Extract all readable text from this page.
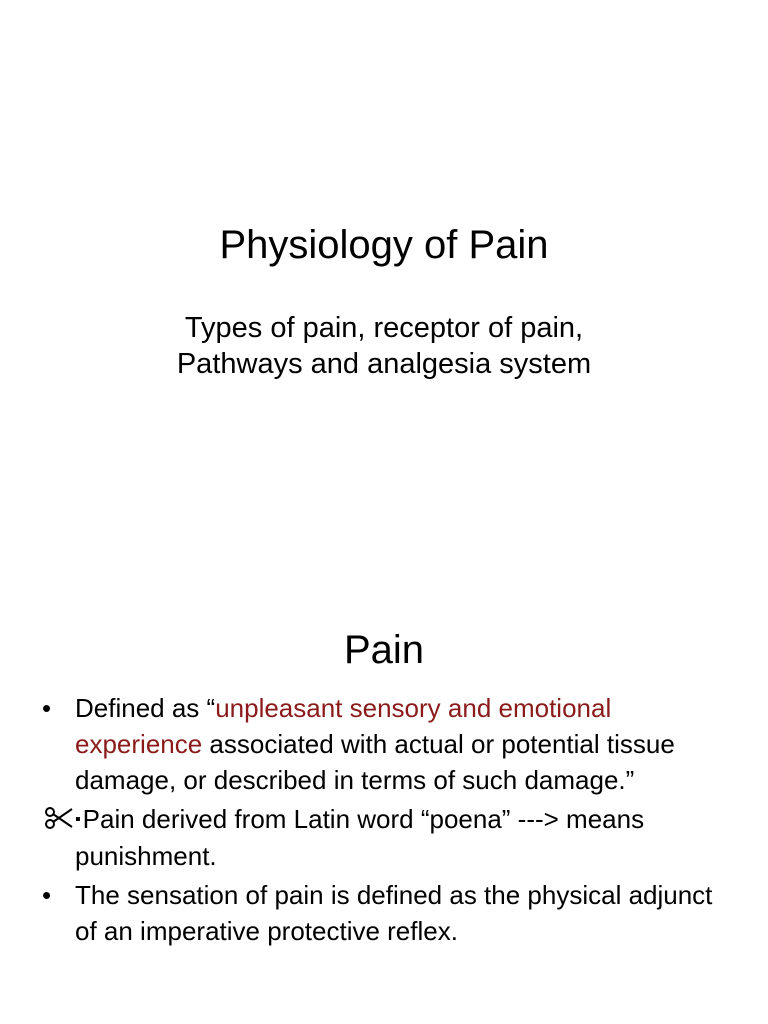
Physiology of Pain

Types of pain, receptor of pain,
Pathways and analgesia system

Pain
• Defined as “unpleasant sensory and emotional experience associated with actual or potential tissue damage, or described in terms of such damage.”
▪Pain derived from Latin word “poena” ---> means punishment.
• The sensation of pain is defined as the physical adjunct of an imperative protective reflex.
